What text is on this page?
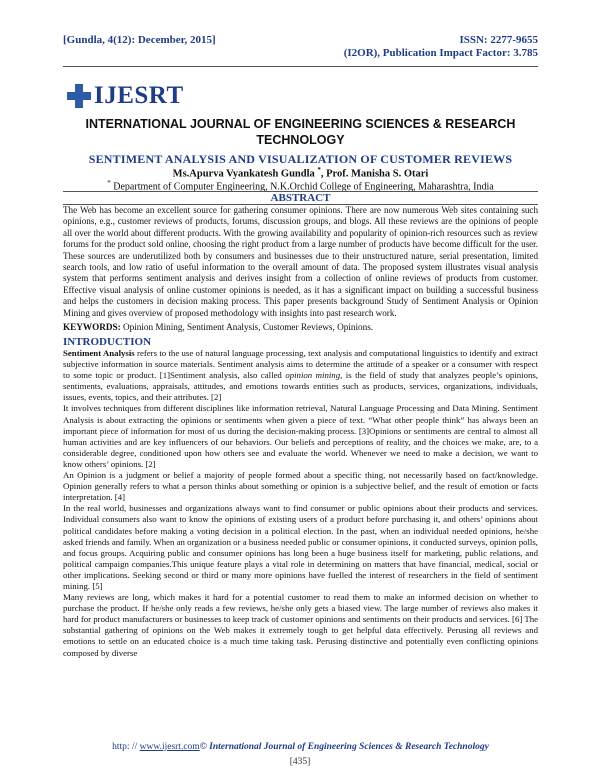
[Gundla, 4(12): December, 2015]	ISSN: 2277-9655
(I2OR), Publication Impact Factor: 3.785
IJESRT
INTERNATIONAL JOURNAL OF ENGINEERING SCIENCES & RESEARCH TECHNOLOGY
SENTIMENT ANALYSIS AND VISUALIZATION OF CUSTOMER REVIEWS
Ms.Apurva Vyankatesh Gundla *, Prof. Manisha S. Otari
* Department of Computer Engineering, N.K.Orchid College of Engineering, Maharashtra, India
ABSTRACT

The Web has become an excellent source for gathering consumer opinions. There are now numerous Web sites containing such opinions, e.g., customer reviews of products, forums, discussion groups, and blogs. All these reviews are the opinions of people all over the world about different products. With the growing availability and popularity of opinion-rich resources such as review forums for the product sold online, choosing the right product from a large number of products have become difficult for the user. These sources are underutilized both by consumers and businesses due to their unstructured nature, serial presentation, limited search tools, and low ratio of useful information to the overall amount of data. The proposed system illustrates visual analysis system that performs sentiment analysis and derives insight from a collection of online reviews of products from customer. Effective visual analysis of online customer opinions is needed, as it has a significant impact on building a successful business and helps the customers in decision making process. This paper presents background Study of Sentiment Analysis or Opinion Mining and gives overview of proposed methodology with insights into past research work.

KEYWORDS: Opinion Mining, Sentiment Analysis, Customer Reviews, Opinions.

INTRODUCTION

Sentiment Analysis refers to the use of natural language processing, text analysis and computational linguistics to identify and extract subjective information in source materials. Sentiment analysis aims to determine the attitude of a speaker or a consumer with respect to some topic or product. [1]Sentiment analysis, also called opinion mining, is the field of study that analyzes people’s opinions, sentiments, evaluations, appraisals, attitudes, and emotions towards entities such as products, services, organizations, individuals, issues, events, topics, and their attributes. [2]

It involves techniques from different disciplines like information retrieval, Natural Language Processing and Data Mining. Sentiment Analysis is about extracting the opinions or sentiments when given a piece of text. “What other people think” has always been an important piece of information for most of us during the decision-making process. [3]Opinions or sentiments are central to almost all human activities and are key influencers of our behaviors. Our beliefs and perceptions of reality, and the choices we make, are, to a considerable degree, conditioned upon how others see and evaluate the world. Whenever we need to make a decision, we want to know others’ opinions. [2]

An Opinion is a judgment or belief a majority of people formed about a specific thing, not necessarily based on fact/knowledge. Opinion generally refers to what a person thinks about something or opinion is a subjective belief, and the result of emotion or facts interpretation. [4]

In the real world, businesses and organizations always want to find consumer or public opinions about their products and services. Individual consumers also want to know the opinions of existing users of a product before purchasing it, and others’ opinions about political candidates before making a voting decision in a political election. In the past, when an individual needed opinions, he/she asked friends and family. When an organization or a business needed public or consumer opinions, it conducted surveys, opinion polls, and focus groups. Acquiring public and consumer opinions has long been a huge business itself for marketing, public relations, and political campaign companies.This unique feature plays a vital role in determining on matters that have financial, medical, social or other implications. Seeking second or third or many more opinions have fuelled the interest of researchers in the field of sentiment mining. [5]

Many reviews are long, which makes it hard for a potential customer to read them to make an informed decision on whether to purchase the product. If he/she only reads a few reviews, he/she only gets a biased view. The large number of reviews also makes it hard for product manufacturers or businesses to keep track of customer opinions and sentiments on their products and services. [6] The substantial gathering of opinions on the Web makes it extremely tough to get helpful data effectively. Perusing all reviews and emotions to settle on an educated choice is a much time taking task. Perusing distinctive and potentially even conflicting opinions composed by diverse

http: // www.ijesrt.com© International Journal of Engineering Sciences & Research Technology
[435]
